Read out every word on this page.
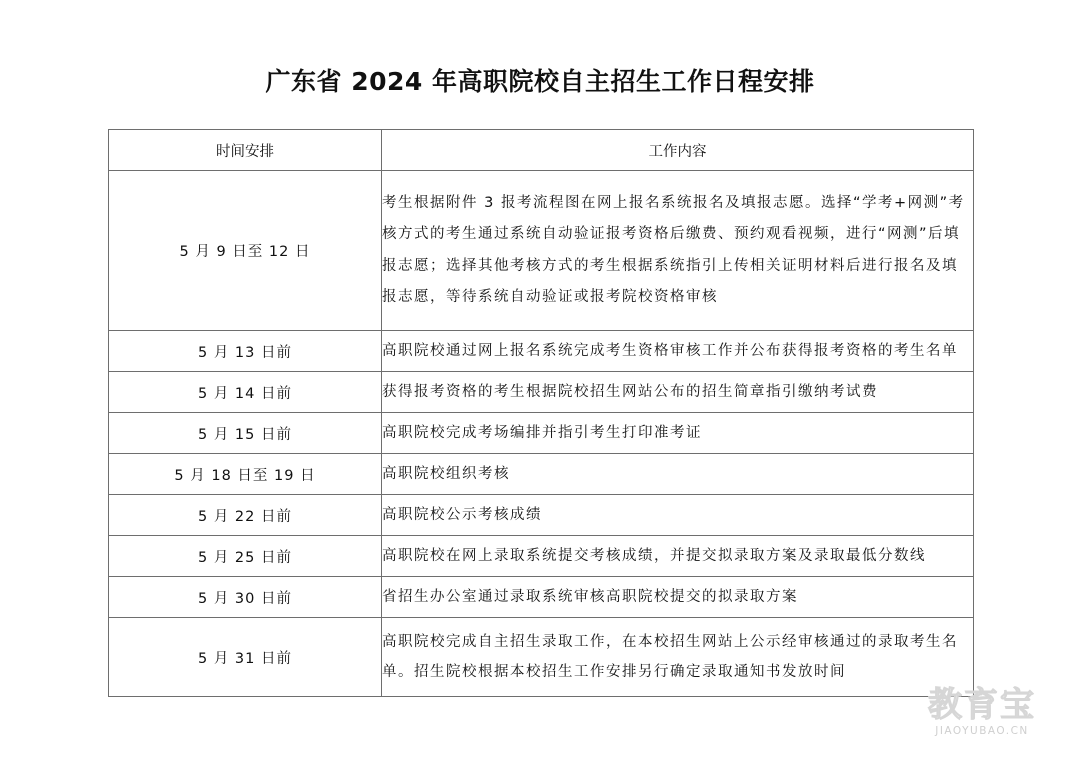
广东省 2024 年高职院校自主招生工作日程安排
时间安排	工作内容
5 月 9 日至 12 日	考生根据附件 3 报考流程图在网上报名系统报名及填报志愿。选择“学考+网测”考核方式的考生通过系统自动验证报考资格后缴费、预约观看视频，进行“网测”后填报志愿；选择其他考核方式的考生根据系统指引上传相关证明材料后进行报名及填报志愿，等待系统自动验证或报考院校资格审核
5 月 13 日前	高职院校通过网上报名系统完成考生资格审核工作并公布获得报考资格的考生名单
5 月 14 日前	获得报考资格的考生根据院校招生网站公布的招生简章指引缴纳考试费
5 月 15 日前	高职院校完成考场编排并指引考生打印准考证
5 月 18 日至 19 日	高职院校组织考核
5 月 22 日前	高职院校公示考核成绩
5 月 25 日前	高职院校在网上录取系统提交考核成绩，并提交拟录取方案及录取最低分数线
5 月 30 日前	省招生办公室通过录取系统审核高职院校提交的拟录取方案
5 月 31 日前	高职院校完成自主招生录取工作，在本校招生网站上公示经审核通过的录取考生名单。招生院校根据本校招生工作安排另行确定录取通知书发放时间
教育宝
JIAOYUBAO.CN
